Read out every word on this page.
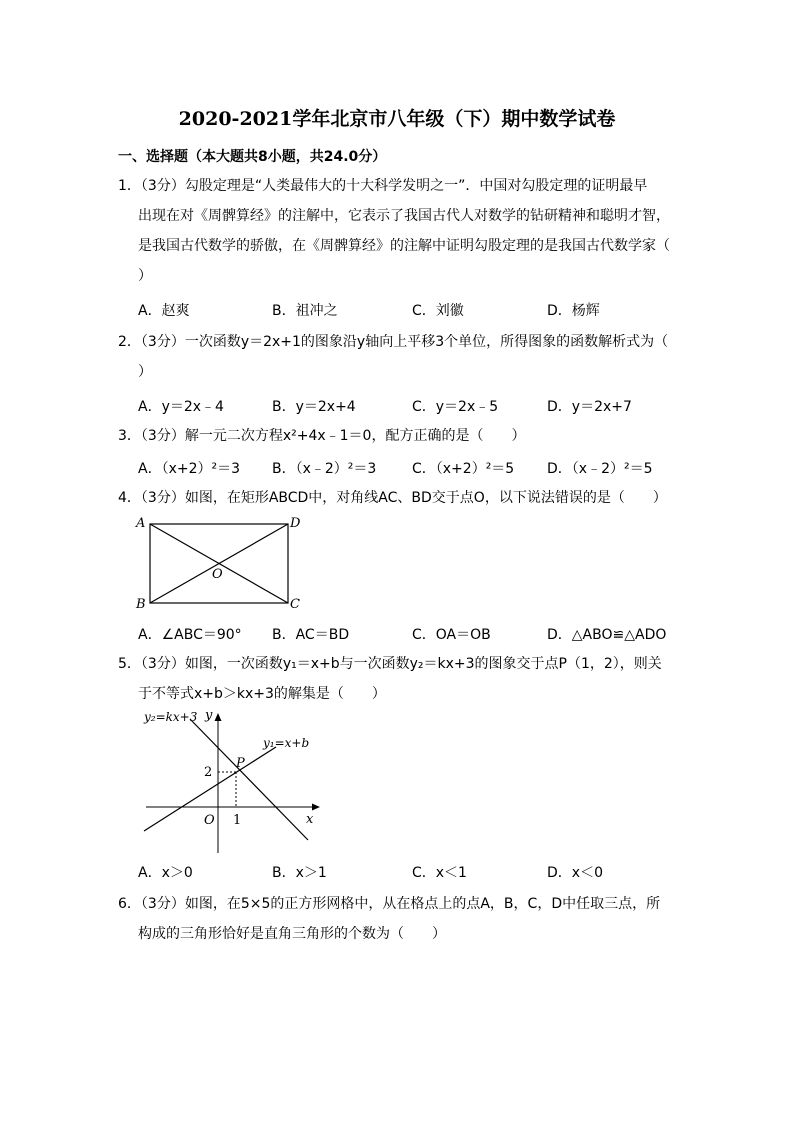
2020-2021学年北京市八年级（下）期中数学试卷
一、选择题（本大题共8小题，共24.0分）
1．（3分）勾股定理是“人类最伟大的十大科学发明之一”．中国对勾股定理的证明最早
出现在对《周髀算经》的注解中，它表示了我国古代人对数学的钻研精神和聪明才智，
是我国古代数学的骄傲，在《周髀算经》的注解中证明勾股定理的是我国古代数学家（
）
A．赵爽	B．祖冲之	C．刘徽	D．杨辉
2．（3分）一次函数y＝2x+1的图象沿y轴向上平移3个单位，所得图象的函数解析式为（
）
A．y＝2x﹣4	B．y＝2x+4	C．y＝2x﹣5	D．y＝2x+7
3．（3分）解一元二次方程x²+4x﹣1＝0，配方正确的是（　　）
A．（x+2）²＝3 B．（x﹣2）²＝3	C．（x+2）²＝5 D．（x﹣2）²＝5
4．（3分）如图，在矩形ABCD中，对角线AC、BD交于点O，以下说法错误的是（　　）
A
B	C
D
O
A．∠ABC＝90° B．AC＝BD	C．OA＝OB	D．△ABO≌△ADO
5．（3分）如图，一次函数y₁＝x+b与一次函数y₂＝kx+3的图象交于点P（1，2），则关
于不等式x+b＞kx+3的解集是（　　）
y₂=kx+3
y₁=x+b
y
x
P
2
1
O
A．x＞0	B．x＞1	C．x＜1	D．x＜0
6．（3分）如图，在5×5的正方形网格中，从在格点上的点A，B，C，D中任取三点，所
构成的三角形恰好是直角三角形的个数为（　　）
